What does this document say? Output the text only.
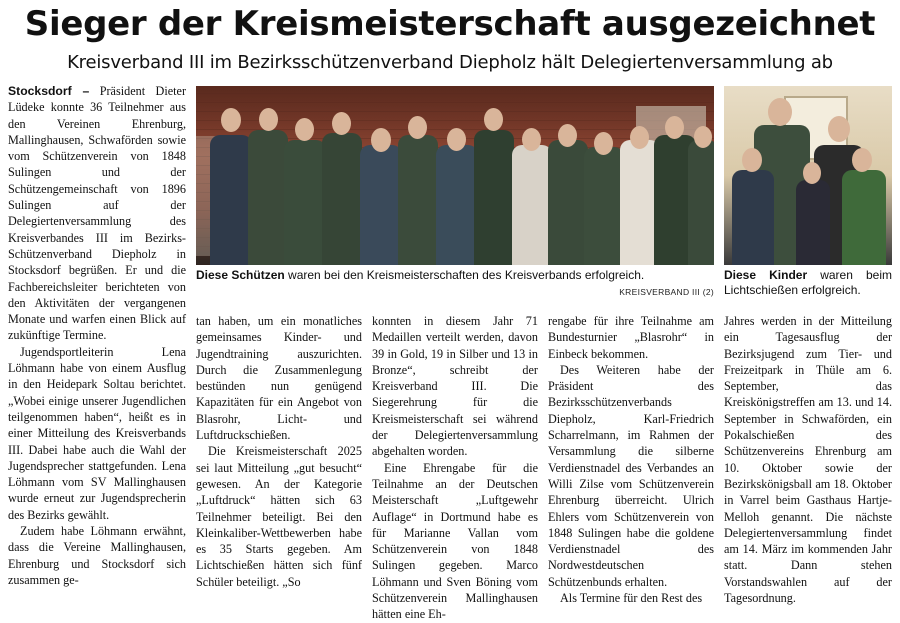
Sieger der Kreismeisterschaft ausgezeichnet
Kreisverband III im Bezirksschützenverband Diepholz hält Delegiertenversammlung ab
Diese Schützen waren bei den Kreismeisterschaften des Kreisverbands erfolgreich.
KREISVERBAND III (2)
Diese Kinder waren beim Lichtschießen erfolgreich.

Stocksdorf – Präsident Dieter Lüdeke konnte 36 Teilnehmer aus den Vereinen Ehrenburg, Mallinghausen, Schwaförden sowie vom Schützenverein von 1848 Sulingen und der Schützengemeinschaft von 1896 Sulingen auf der Delegiertenversammlung des Kreisverbandes III im Bezirks-Schützenverband Diepholz in Stocksdorf begrüßen. Er und die Fachbereichsleiter berichteten von den Aktivitäten der vergangenen Monate und warfen einen Blick auf zukünftige Termine.

Jugendsportleiterin Lena Löhmann habe von einem Ausflug in den Heidepark Soltau berichtet. „Wobei einige unserer Jugendlichen teilgenommen haben“, heißt es in einer Mitteilung des Kreisverbands III. Dabei habe auch die Wahl der Jugendsprecher stattgefunden. Lena Löhmann vom SV Mallinghausen wurde erneut zur Jugendsprecherin des Bezirks gewählt.

Zudem habe Löhmann erwähnt, dass die Vereine Mallinghausen, Ehrenburg und Stocksdorf sich zusammen ge-

tan haben, um ein monatliches gemeinsames Kinder- und Jugendtraining auszurichten. Durch die Zusammenlegung bestünden nun genügend Kapazitäten für ein Angebot von Blasrohr, Licht- und Luftdruckschießen.

Die Kreismeisterschaft 2025 sei laut Mitteilung „gut besucht“ gewesen. An der Kategorie „Luftdruck“ hätten sich 63 Teilnehmer beteiligt. Bei den Kleinkaliber-Wettbewerben habe es 35 Starts gegeben. Am Lichtschießen hätten sich fünf Schüler beteiligt. „So

konnten in diesem Jahr 71 Medaillen verteilt werden, davon 39 in Gold, 19 in Silber und 13 in Bronze“, schreibt der Kreisverband III. Die Siegerehrung für die Kreismeisterschaft sei während der Delegiertenversammlung abgehalten worden.

Eine Ehrengabe für die Teilnahme an der Deutschen Meisterschaft „Luftgewehr Auflage“ in Dortmund habe es für Marianne Vallan vom Schützenverein von 1848 Sulingen gegeben. Marco Löhmann und Sven Böning vom Schützenverein Mallinghausen hätten eine Eh-

rengabe für ihre Teilnahme am Bundesturnier „Blasrohr“ in Einbeck bekommen.

Des Weiteren habe der Präsident des Bezirksschützenverbands Diepholz, Karl-Friedrich Scharrelmann, im Rahmen der Versammlung die silberne Verdienstnadel des Verbandes an Willi Zilse vom Schützenverein Ehrenburg überreicht. Ulrich Ehlers vom Schützenverein von 1848 Sulingen habe die goldene Verdienstnadel des Nordwestdeutschen Schützenbunds erhalten.

Als Termine für den Rest des

Jahres werden in der Mitteilung ein Tagesausflug der Bezirksjugend zum Tier- und Freizeitpark in Thüle am 6. September, das Kreiskönigstreffen am 13. und 14. September in Schwaförden, ein Pokalschießen des Schützenvereins Ehrenburg am 10. Oktober sowie der Bezirkskönigsball am 18. Oktober in Varrel beim Gasthaus Hartje-Melloh genannt. Die nächste Delegiertenversammlung findet am 14. März im kommenden Jahr statt. Dann stehen Vorstandswahlen auf der Tagesordnung.
